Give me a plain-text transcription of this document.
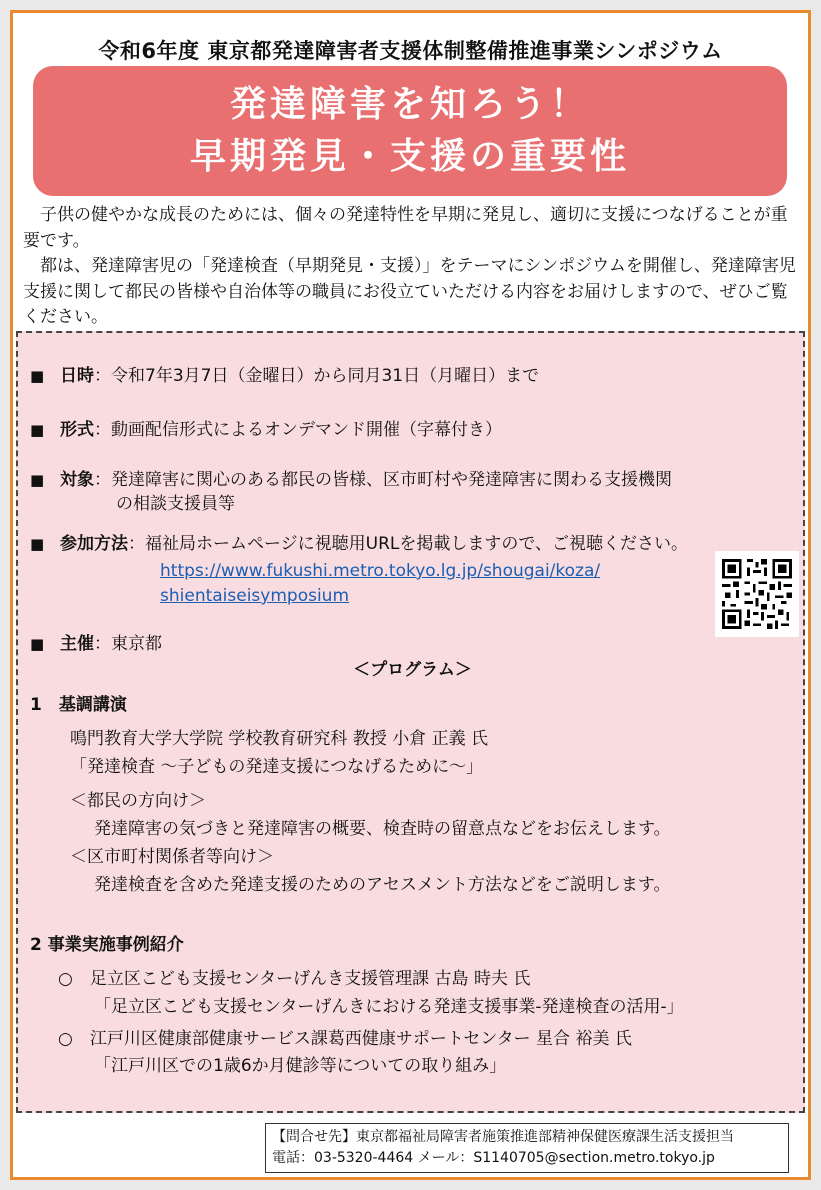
令和6年度 東京都発達障害者支援体制整備推進事業シンポジウム
発達障害を知ろう！
早期発見・支援の重要性

子供の健やかな成長のためには、個々の発達特性を早期に発見し、適切に支援につなげることが重要です。

都は、発達障害児の「発達検査（早期発見・支援）」をテーマにシンポジウムを開催し、発達障害児支援に関して都民の皆様や自治体等の職員にお役立ていただける内容をお届けしますので、ぜひご覧ください。

■ 日時 ：令和7年3月7日（金曜日）から同月31日（月曜日）まで
■ 形式 ：動画配信形式によるオンデマンド開催（字幕付き）
■ 対象 ：発達障害に関心のある都民の皆様、区市町村や発達障害に関わる支援機関
の相談支援員等
■ 参加方法 ：福祉局ホームページに視聴用URLを掲載しますので、ご視聴ください。
https://www.fukushi.metro.tokyo.lg.jp/shougai/koza/
shientaiseisymposium
■ 主催 ：東京都
＜プログラム＞
1　基調講演
鳴門教育大学大学院 学校教育研究科 教授 小倉 正義 氏
「発達検査 〜子どもの発達支援につなげるために〜」
＜都民の方向け＞
発達障害の気づきと発達障害の概要、検査時の留意点などをお伝えします。
＜区市町村関係者等向け＞
発達検査を含めた発達支援のためのアセスメント方法などをご説明します。
2 事業実施事例紹介
○　足立区こども支援センターげんき支援管理課 古島 時夫 氏
「足立区こども支援センターげんきにおける発達支援事業-発達検査の活用-」
○　江戸川区健康部健康サービス課葛西健康サポートセンター 星合 裕美 氏
「江戸川区での1歳6か月健診等についての取り組み」
【問合せ先】東京都福祉局障害者施策推進部精神保健医療課生活支援担当
電話：03-5320-4464 メール：S1140705@section.metro.tokyo.jp
